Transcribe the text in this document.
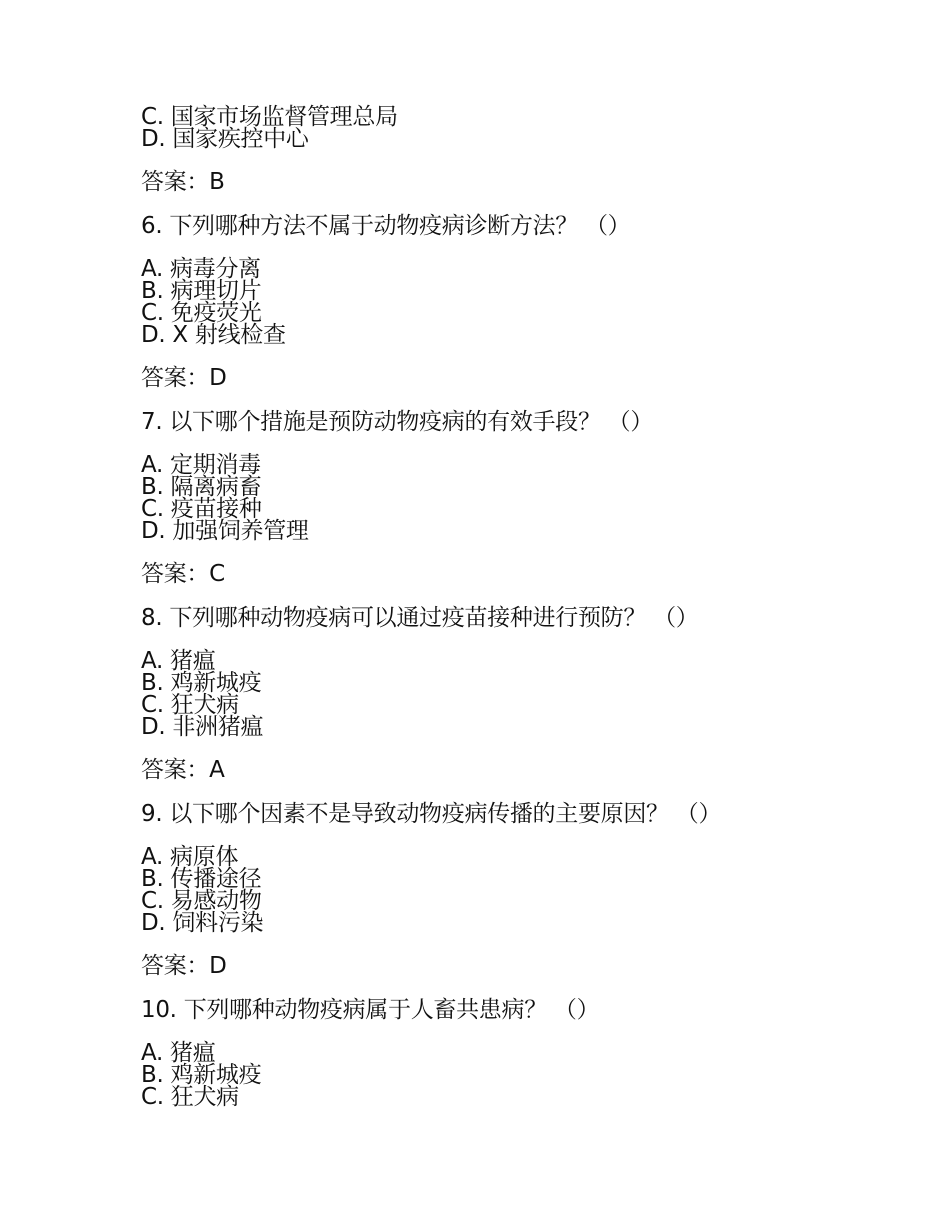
C. 国家市场监督管理总局
D. 国家疾控中心
答案：B
6. 下列哪种方法不属于动物疫病诊断方法？ （）
A. 病毒分离
B. 病理切片
C. 免疫荧光
D. X 射线检查
答案：D
7. 以下哪个措施是预防动物疫病的有效手段？ （）
A. 定期消毒
B. 隔离病畜
C. 疫苗接种
D. 加强饲养管理
答案：C
8. 下列哪种动物疫病可以通过疫苗接种进行预防？ （）
A. 猪瘟
B. 鸡新城疫
C. 狂犬病
D. 非洲猪瘟
答案：A
9. 以下哪个因素不是导致动物疫病传播的主要原因？ （）
A. 病原体
B. 传播途径
C. 易感动物
D. 饲料污染
答案：D
10. 下列哪种动物疫病属于人畜共患病？ （）
A. 猪瘟
B. 鸡新城疫
C. 狂犬病
